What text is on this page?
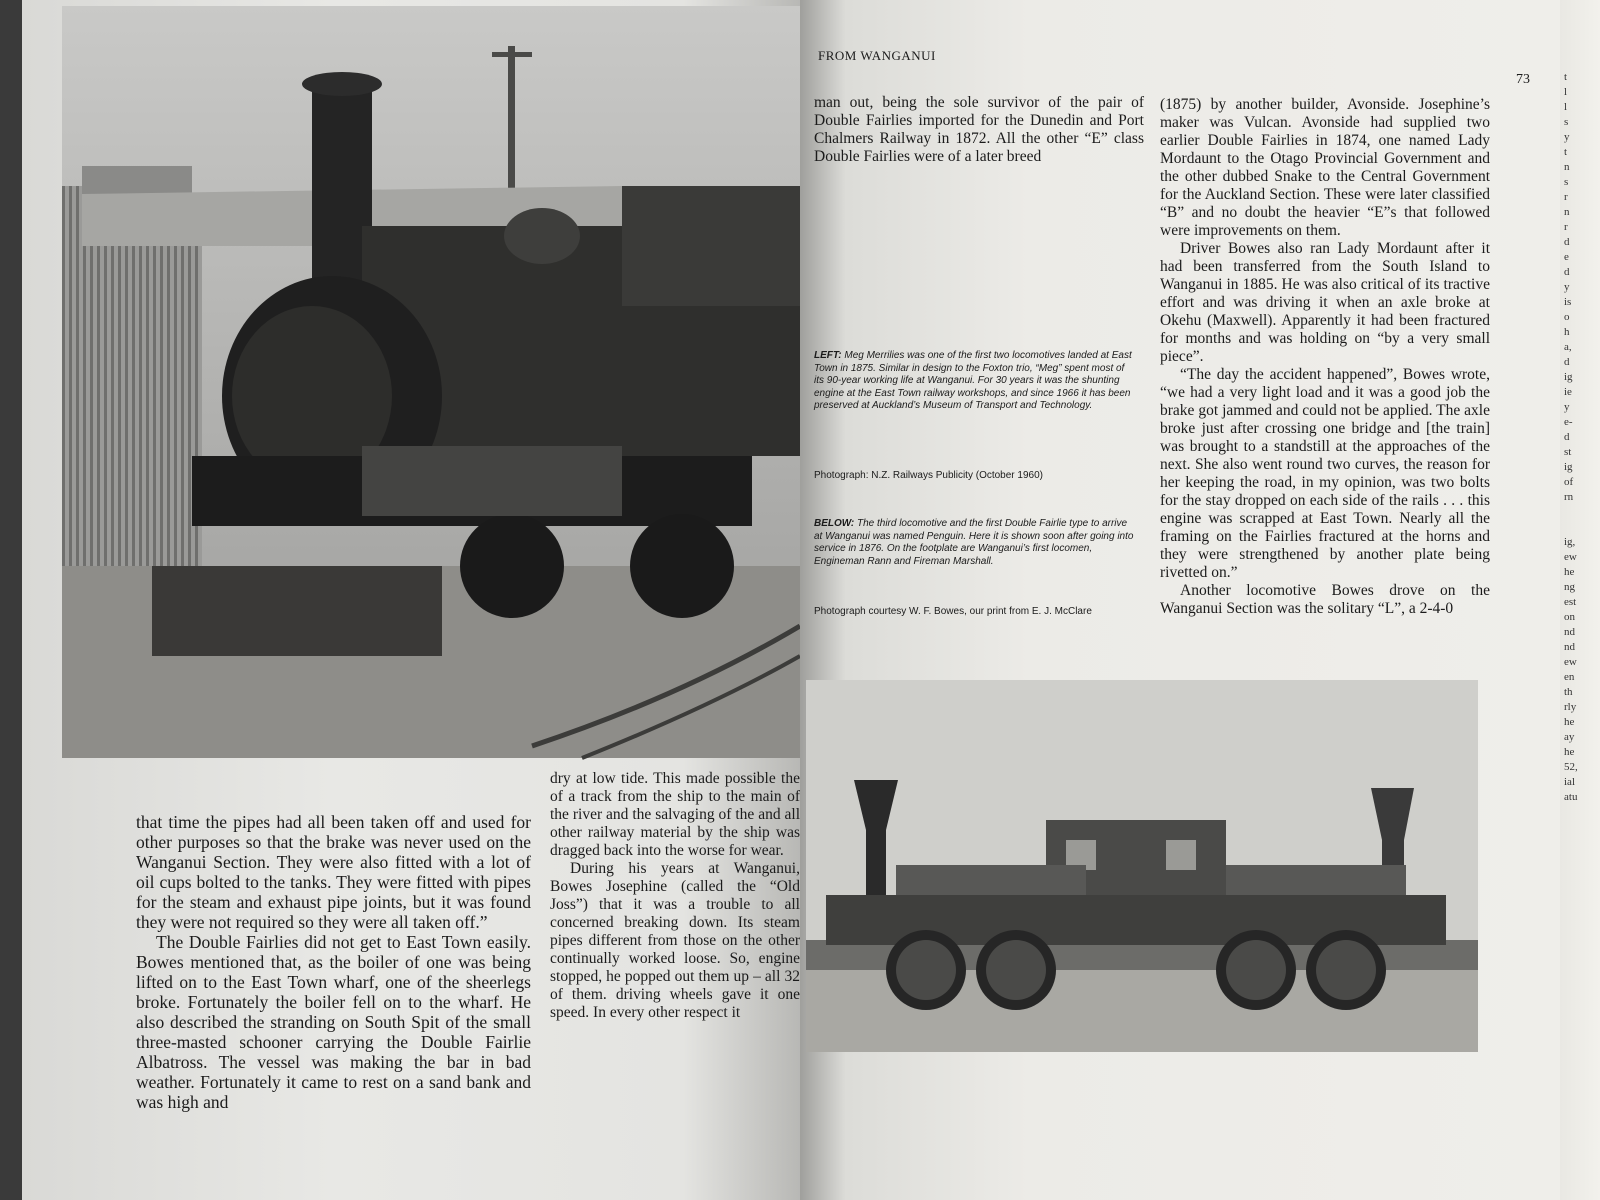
that time the pipes had all been taken off and used for other purposes so that the brake was never used on the Wanganui Section. They were also fitted with a lot of oil cups bolted to the tanks. They were fitted with pipes for the steam and exhaust pipe joints, but it was found they were not required so they were all taken off.”

The Double Fairlies did not get to East Town easily. Bowes mentioned that, as the boiler of one was being lifted on to the East Town wharf, one of the sheerlegs broke. Fortunately the boiler fell on to the wharf. He also described the stranding on South Spit of the small three-masted schooner carrying the Double Fairlie Albatross. The vessel was making the bar in bad weather. Fortunately it came to rest on a sand bank and was high and

dry at low tide. This made possible the of a track from the ship to the main of the river and the salvaging of the and all other railway material by the ship was dragged back into the worse for wear.

During his years at Wanganui, Bowes Josephine (called the “Old Joss”) that it was a trouble to all concerned breaking down. Its steam pipes different from those on the other continually worked loose. So, engine stopped, he popped out them up – all 32 of them. driving wheels gave it one speed. In every other respect it

FROM WANGANUI
73

man out, being the sole survivor of the pair of Double Fairlies imported for the Dunedin and Port Chalmers Railway in 1872. All the other “E” class Double Fairlies were of a later breed

LEFT: Meg Merrilies was one of the first two locomotives landed at East Town in 1875. Similar in design to the Foxton trio, “Meg” spent most of its 90-year working life at Wanganui. For 30 years it was the shunting engine at the East Town railway workshops, and since 1966 it has been preserved at Auckland’s Museum of Transport and Technology.
Photograph: N.Z. Railways Publicity (October 1960)
BELOW: The third locomotive and the first Double Fairlie type to arrive at Wanganui was named Penguin. Here it is shown soon after going into service in 1876. On the footplate are Wanganui’s first locomen, Engineman Rann and Fireman Marshall.
Photograph courtesy W. F. Bowes, our print from E. J. McClare

(1875) by another builder, Avonside. Josephine’s maker was Vulcan. Avonside had supplied two earlier Double Fairlies in 1874, one named Lady Mordaunt to the Otago Provincial Government and the other dubbed Snake to the Central Government for the Auckland Section. These were later classified “B” and no doubt the heavier “E”s that followed were improvements on them.

Driver Bowes also ran Lady Mordaunt after it had been transferred from the South Island to Wanganui in 1885. He was also critical of its tractive effort and was driving it when an axle broke at Okehu (Maxwell). Apparently it had been fractured for months and was holding on “by a very small piece”.

“The day the accident happened”, Bowes wrote, “we had a very light load and it was a good job the brake got jammed and could not be applied. The axle broke just after crossing one bridge and [the train] was brought to a standstill at the approaches of the next. She also went round two curves, the reason for her keeping the road, in my opinion, was two bolts for the stay dropped on each side of the rails . . . this engine was scrapped at East Town. Nearly all the framing on the Fairlies fractured at the horns and they were strengthened by another plate being rivetted on.”

Another locomotive Bowes drove on the Wanganui Section was the solitary “L”, a 2-4-0

t
l
l
s
y
t
n
s
r
n
r
d
e
d
y
is
o
h
a,
d
ig
ie
y
e-
d
st
ig
of
rn

ig,
ew
he
ng
est
on
nd
nd
ew
en
th
rly
he
ay
he
52,
ial
atu
